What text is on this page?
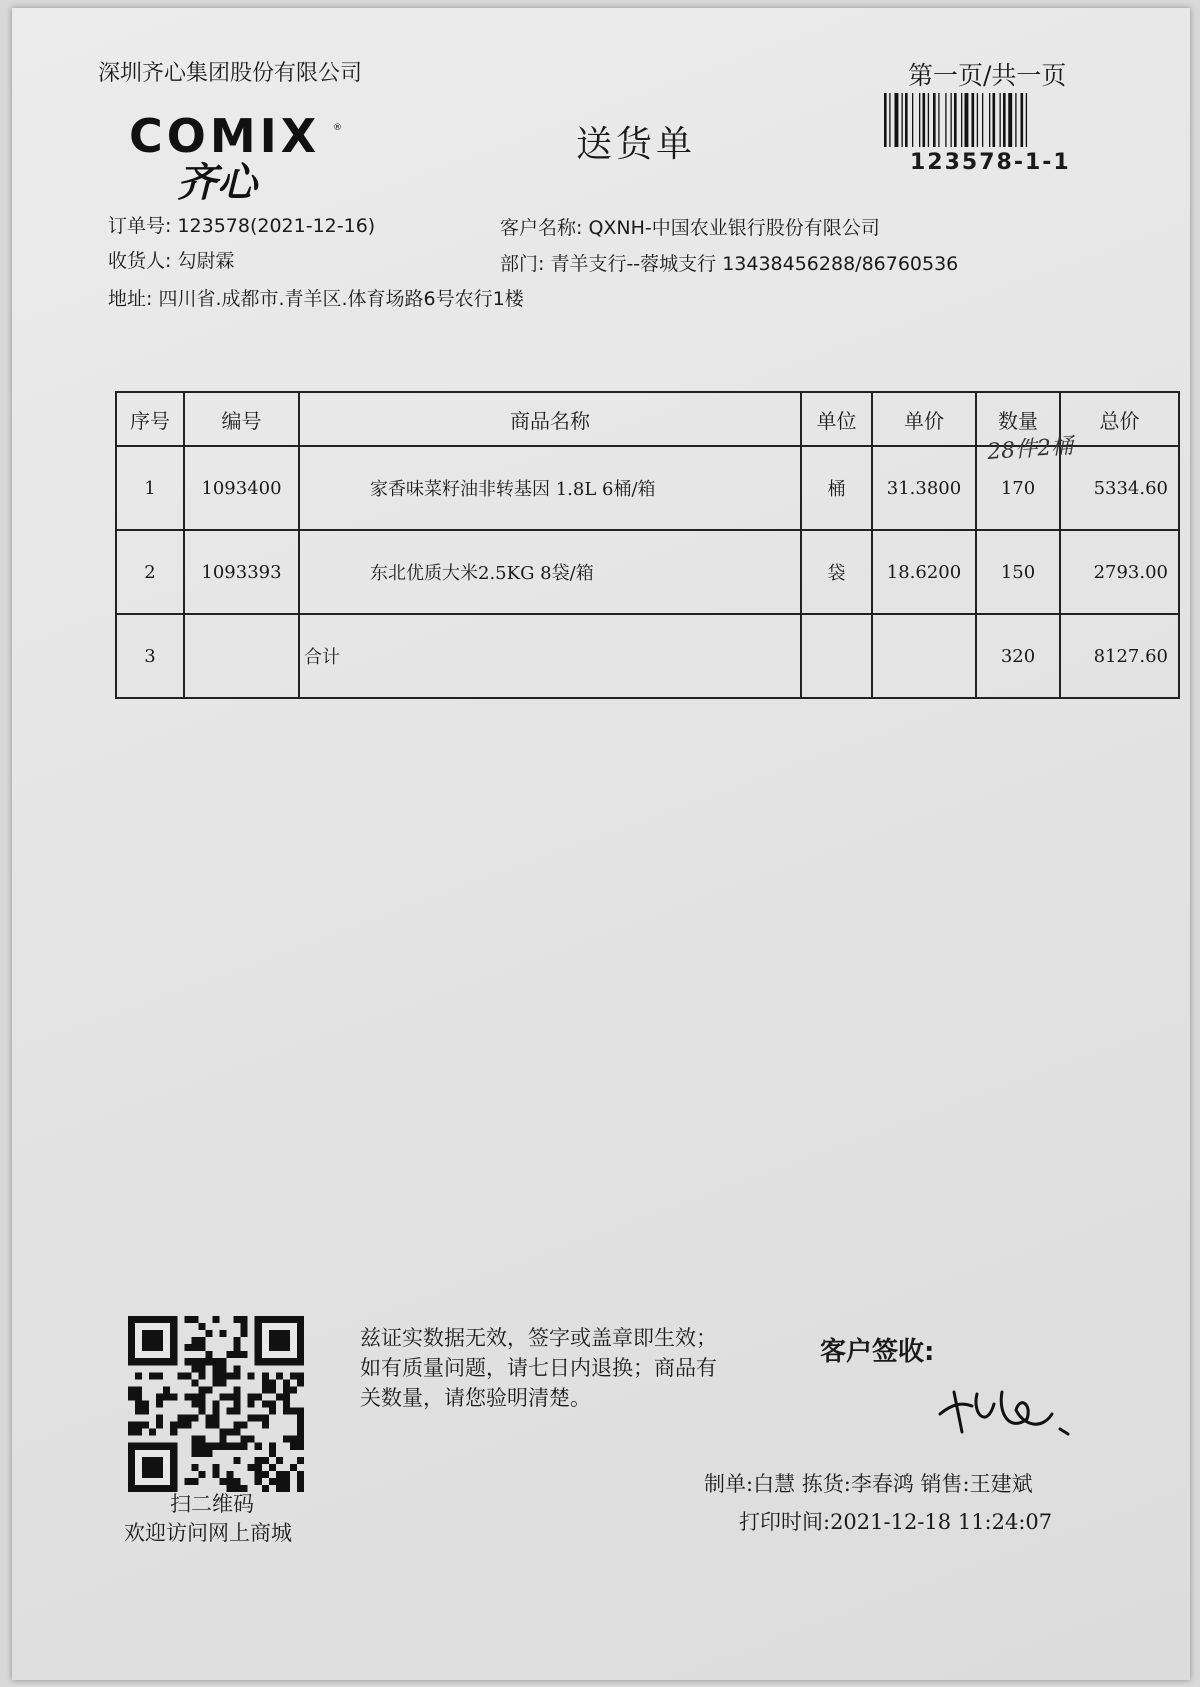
深圳齐心集团股份有限公司	第一页/共一页
COMIX ®
齐心
送货单	123578-1-1
订单号: 123578(2021-12-16)	客户名称: QXNH-中国农业银行股份有限公司
收货人: 勾尉霖	部门: 青羊支行--蓉城支行 13438456288/86760536
地址: 四川省.成都市.青羊区.体育场路6号农行1楼
序号	编号	商品名称	单位	单价	数量	总价
1	1093400	家香味菜籽油非转基因 1.8L 6桶/箱	桶	31.3800	170	5334.60
2	1093393	东北优质大米2.5KG 8袋/箱	袋	18.6200	150	2793.00
3		合计			320	8127.60
28件2桶
扫二维码
欢迎访问网上商城
兹证实数据无效，签字或盖章即生效；如有质量问题，请七日内退换；商品有关数量，请您验明清楚。
客户签收:
制单:白慧 拣货:李春鸿 销售:王建斌
打印时间:2021-12-18 11:24:07
